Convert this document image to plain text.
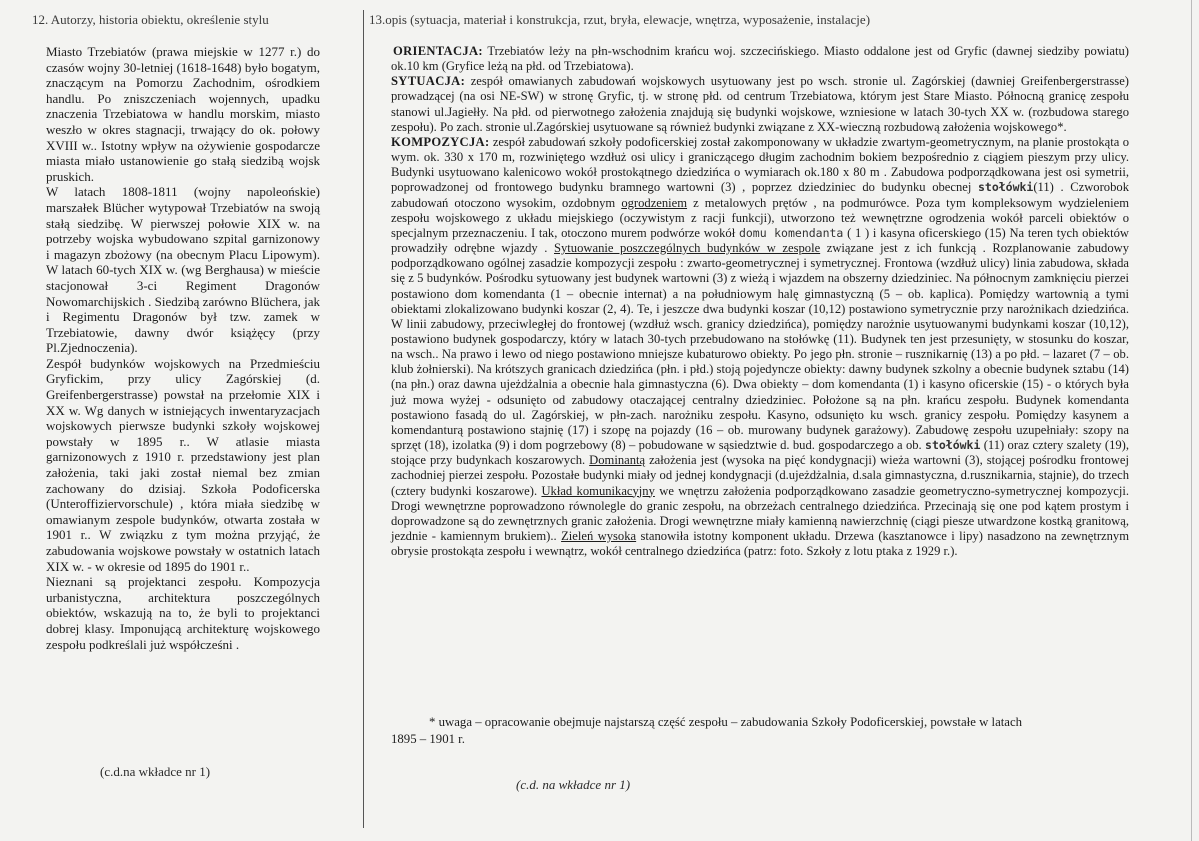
12. Autorzy, historia obiektu, określenie stylu	13.opis (sytuacja, materiał i konstrukcja, rzut, bryła, elewacje, wnętrza, wyposażenie, instalacje)

Miasto Trzebiatów (prawa miejskie w 1277 r.) do czasów wojny 30-letniej (1618-1648) było bogatym, znaczącym na Pomorzu Zachodnim, ośrodkiem handlu. Po zniszczeniach wojennych, upadku znaczenia Trzebiatowa w handlu morskim, miasto weszło w okres stagnacji, trwający do ok. połowy XVIII w.. Istotny wpływ na ożywienie gospodarcze miasta miało ustanowienie go stałą siedzibą wojsk pruskich.

W latach 1808-1811 (wojny napoleońskie) marszałek Blücher wytypował Trzebiatów na swoją stałą siedzibę. W pierwszej połowie XIX w. na potrzeby wojska wybudowano szpital garnizonowy i magazyn zbożowy (na obecnym Placu Lipowym). W latach 60-tych XIX w. (wg Berghausa) w mieście stacjonował 3-ci Regiment Dragonów Nowomarchijskich . Siedzibą zarówno Blüchera, jak i Regimentu Dragonów był tzw. zamek w Trzebiatowie, dawny dwór książęcy (przy Pl.Zjednoczenia).

Zespół budynków wojskowych na Przedmieściu Gryfickim, przy ulicy Zagórskiej (d. Greifenbergerstrasse) powstał na przełomie XIX i XX w. Wg danych w istniejących inwentaryzacjach wojskowych pierwsze budynki szkoły wojskowej powstały w 1895 r.. W atlasie miasta garnizonowych z 1910 r. przedstawiony jest plan założenia, taki jaki został niemal bez zmian zachowany do dzisiaj. Szkoła Podoficerska (Unteroffiziervorschule) , która miała siedzibę w omawianym zespole budynków, otwarta została w 1901 r.. W związku z tym można przyjąć, że zabudowania wojskowe powstały w ostatnich latach XIX w. - w okresie od 1895 do 1901 r..

Nieznani są projektanci zespołu. Kompozycja urbanistyczna, architektura poszczególnych obiektów, wskazują na to, że byli to projektanci dobrej klasy. Imponującą architekturę wojskowego zespołu podkreślali już współcześni .

(c.d.na wkładce nr 1)

ORIENTACJA: Trzebiatów leży na płn-wschodnim krańcu woj. szczecińskiego. Miasto oddalone jest od Gryfic (dawnej siedziby powiatu) ok.10 km (Gryfice leżą na płd. od Trzebiatowa).

SYTUACJA: zespół omawianych zabudowań wojskowych usytuowany jest po wsch. stronie ul. Zagórskiej (dawniej Greifenbergerstrasse) prowadzącej (na osi NE-SW) w stronę Gryfic, tj. w stronę płd. od centrum Trzebiatowa, którym jest Stare Miasto. Północną granicę zespołu stanowi ul.Jagiełły. Na płd. od pierwotnego założenia znajdują się budynki wojskowe, wzniesione w latach 30-tych XX w. (rozbudowa starego zespołu). Po zach. stronie ul.Zagórskiej usytuowane są również budynki związane z XX-wieczną rozbudową założenia wojskowego*.

KOMPOZYCJA: zespół zabudowań szkoły podoficerskiej został zakomponowany w układzie zwartym-geometrycznym, na planie prostokąta o wym. ok. 330 x 170 m, rozwiniętego wzdłuż osi ulicy i graniczącego długim zachodnim bokiem bezpośrednio z ciągiem pieszym przy ulicy. Budynki usytuowano kalenicowo wokół prostokątnego dziedzińca o wymiarach ok.180 x 80 m . Zabudowa podporządkowana jest osi symetrii, poprowadzonej od frontowego budynku bramnego wartowni (3) , poprzez dziedziniec do budynku obecnej stołówki(11) . Czworobok zabudowań otoczono wysokim, ozdobnym ogrodzeniem z metalowych prętów , na podmurówce. Poza tym kompleksowym wydzieleniem zespołu wojskowego z układu miejskiego (oczywistym z racji funkcji), utworzono też wewnętrzne ogrodzenia wokół parceli obiektów o specjalnym przeznaczeniu. I tak, otoczono murem podwórze wokół domu komendanta ( 1 ) i kasyna oficerskiego (15) Na teren tych obiektów prowadziły odrębne wjazdy . Sytuowanie poszczególnych budynków w zespole związane jest z ich funkcją . Rozplanowanie zabudowy podporządkowano ogólnej zasadzie kompozycji zespołu : zwarto-geometrycznej i symetrycznej. Frontowa (wzdłuż ulicy) linia zabudowa, składa się z 5 budynków. Pośrodku sytuowany jest budynek wartowni (3) z wieżą i wjazdem na obszerny dziedziniec. Na północnym zamknięciu pierzei postawiono dom komendanta (1 – obecnie internat) a na południowym halę gimnastyczną (5 – ob. kaplica). Pomiędzy wartownią a tymi obiektami zlokalizowano budynki koszar (2, 4). Te, i jeszcze dwa budynki koszar (10,12) postawiono symetrycznie przy narożnikach dziedzińca. W linii zabudowy, przeciwległej do frontowej (wzdłuż wsch. granicy dziedzińca), pomiędzy narożnie usytuowanymi budynkami koszar (10,12), postawiono budynek gospodarczy, który w latach 30-tych przebudowano na stołówkę (11). Budynek ten jest przesunięty, w stosunku do koszar, na wsch.. Na prawo i lewo od niego postawiono mniejsze kubaturowo obiekty. Po jego płn. stronie – rusznikarnię (13) a po płd. – lazaret (7 – ob. klub żołnierski). Na krótszych granicach dziedzińca (płn. i płd.) stoją pojedyncze obiekty: dawny budynek szkolny a obecnie budynek sztabu (14) (na płn.) oraz dawna ujeżdżalnia a obecnie hala gimnastyczna (6). Dwa obiekty – dom komendanta (1) i kasyno oficerskie (15) - o których była już mowa wyżej - odsunięto od zabudowy otaczającej centralny dziedziniec. Położone są na płn. krańcu zespołu. Budynek komendanta postawiono fasadą do ul. Zagórskiej, w płn-zach. narożniku zespołu. Kasyno, odsunięto ku wsch. granicy zespołu. Pomiędzy kasynem a komendanturą postawiono stajnię (17) i szopę na pojazdy (16 – ob. murowany budynek garażowy). Zabudowę zespołu uzupełniały: szopy na sprzęt (18), izolatka (9) i dom pogrzebowy (8) – pobudowane w sąsiedztwie d. bud. gospodarczego a ob. stołówki (11) oraz cztery szalety (19), stojące przy budynkach koszarowych. Dominantą założenia jest (wysoka na pięć kondygnacji) wieża wartowni (3), stojącej pośrodku frontowej zachodniej pierzei zespołu. Pozostałe budynki miały od jednej kondygnacji (d.ujeżdżalnia, d.sala gimnastyczna, d.rusznikarnia, stajnie), do trzech (cztery budynki koszarowe). Układ komunikacyjny we wnętrzu założenia podporządkowano zasadzie geometryczno-symetrycznej kompozycji. Drogi wewnętrzne poprowadzono równolegle do granic zespołu, na obrzeżach centralnego dziedzińca. Przecinają się one pod kątem prostym i doprowadzone są do zewnętrznych granic założenia. Drogi wewnętrzne miały kamienną nawierzchnię (ciągi piesze utwardzone kostką granitową, jezdnie - kamiennym brukiem).. Zieleń wysoka stanowiła istotny komponent układu. Drzewa (kasztanowce i lipy) nasadzono na zewnętrznym obrysie prostokąta zespołu i wewnątrz, wokół centralnego dziedzińca (patrz: foto. Szkoły z lotu ptaka z 1929 r.).

* uwaga – opracowanie obejmuje najstarszą część zespołu – zabudowania Szkoły Podoficerskiej, powstałe w latach

1895 – 1901 r.

(c.d. na wkładce nr 1)
